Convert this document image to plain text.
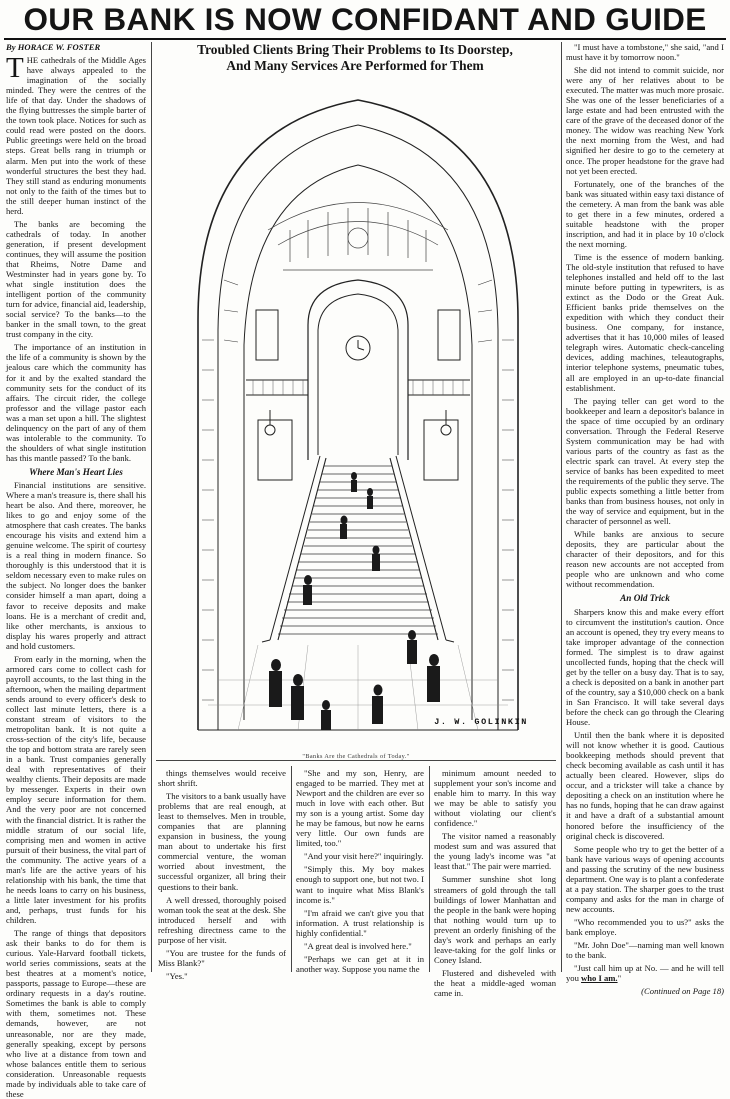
OUR BANK IS NOW CONFIDANT AND GUIDE

By HORACE W. FOSTER

THE cathedrals of the Middle Ages have always appealed to the imagination of the socially minded. They were the centres of the life of that day. Under the shadows of the flying buttresses the simple barter of the town took place. Notices for such as could read were posted on the doors. Public greetings were held on the broad steps. Great bells rang in triumph or alarm. Men put into the work of these wonderful structures the best they had. They still stand as enduring monuments not only to the faith of the times but to the still deeper human instinct of the herd.

The banks are becoming the cathedrals of today. In another generation, if present development continues, they will assume the position that Rheims, Notre Dame and Westminster had in years gone by. To what single institution does the intelligent portion of the community turn for advice, financial aid, leadership, social service? To the banks—to the banker in the small town, to the great trust company in the city.

The importance of an institution in the life of a community is shown by the jealous care which the community has for it and by the exalted standard the community sets for the conduct of its affairs. The circuit rider, the college professor and the village pastor each was a man set upon a hill. The slightest delinquency on the part of any of them was intolerable to the community. To the shoulders of what single institution has this mantle passed? To the bank.

Where Man's Heart Lies

Financial institutions are sensitive. Where a man's treasure is, there shall his heart be also. And there, moreover, he likes to go and enjoy some of the atmosphere that cash creates. The banks encourage his visits and extend him a genuine welcome. The spirit of courtesy is a real thing in modern finance. So thoroughly is this understood that it is seldom necessary even to make rules on the subject. No longer does the banker consider himself a man apart, doing a favor to receive deposits and make loans. He is a merchant of credit and, like other merchants, is anxious to display his wares properly and attract and hold customers.

From early in the morning, when the armored cars come to collect cash for payroll accounts, to the last thing in the afternoon, when the mailing department sends around to every officer's desk to collect last minute letters, there is a constant stream of visitors to the metropolitan bank. It is not quite a cross-section of the city's life, because the top and bottom strata are rarely seen in a bank. Trust companies generally deal with representatives of their wealthy clients. Their deposits are made by messenger. Experts in their own employ secure information for them. And the very poor are not concerned with the financial district. It is rather the middle stratum of our social life, comprising men and women in active pursuit of their business, the vital part of the community. The active years of a man's life are the active years of his relationship with his bank, the time that he needs loans to carry on his business, a little later investment for his profits and, perhaps, trust funds for his children.

The range of things that depositors ask their banks to do for them is curious. Yale-Harvard football tickets, world series commissions, seats at the best theatres at a moment's notice, passports, passage to Europe—these are ordinary requests in a day's routine. Sometimes the bank is able to comply with them, sometimes not. These demands, however, are not unreasonable, nor are they made, generally speaking, except by persons who live at a distance from town and whose balances entitle them to serious consideration. Unreasonable requests made by individuals able to take care of these

Troubled Clients Bring Their Problems to Its Doorstep,
And Many Services Are Performed for Them
J. W. GOLINKIN
"Banks Are the Cathedrals of Today."

things themselves would receive short shrift.

The visitors to a bank usually have problems that are real enough, at least to themselves. Men in trouble, companies that are planning expansion in business, the young man about to undertake his first commercial venture, the woman worried about investment, the successful organizer, all bring their questions to their bank.

A well dressed, thoroughly poised woman took the seat at the desk. She introduced herself and with refreshing directness came to the purpose of her visit.

"You are trustee for the funds of Miss Blank?"

"Yes."

"She and my son, Henry, are engaged to be married. They met at Newport and the children are ever so much in love with each other. But my son is a young artist. Some day he may be famous, but now he earns very little. Our own funds are limited, too."

"And your visit here?" inquiringly.

"Simply this. My boy makes enough to support one, but not two. I want to inquire what Miss Blank's income is."

"I'm afraid we can't give you that information. A trust relationship is highly confidential."

"A great deal is involved here."

"Perhaps we can get at it in another way. Suppose you name the

minimum amount needed to supplement your son's income and enable him to marry. In this way we may be able to satisfy you without violating our client's confidence."

The visitor named a reasonably modest sum and was assured that the young lady's income was "at least that." The pair were married.

Summer sunshine shot long streamers of gold through the tall buildings of lower Manhattan and the people in the bank were hoping that nothing would turn up to prevent an orderly finishing of the day's work and perhaps an early leave-taking for the golf links or Coney Island.

Flustered and disheveled with the heat a middle-aged woman came in.

"I must have a tombstone," she said, "and I must have it by tomorrow noon."

She did not intend to commit suicide, nor were any of her relatives about to be executed. The matter was much more prosaic. She was one of the lesser beneficiaries of a large estate and had been entrusted with the care of the grave of the deceased donor of the money. The widow was reaching New York the next morning from the West, and had signified her desire to go to the cemetery at once. The proper headstone for the grave had not yet been erected.

Fortunately, one of the branches of the bank was situated within easy taxi distance of the cemetery. A man from the bank was able to get there in a few minutes, ordered a suitable headstone with the proper inscription, and had it in place by 10 o'clock the next morning.

Time is the essence of modern banking. The old-style institution that refused to have telephones installed and held off to the last minute before putting in typewriters, is as extinct as the Dodo or the Great Auk. Efficient banks pride themselves on the expedition with which they conduct their business. One company, for instance, advertises that it has 10,000 miles of leased telegraph wires. Automatic check-canceling devices, adding machines, teleautographs, interior telephone systems, pneumatic tubes, all are employed in an up-to-date financial establishment.

The paying teller can get word to the bookkeeper and learn a depositor's balance in the space of time occupied by an ordinary conversation. Through the Federal Reserve System communication may be had with various parts of the country as fast as the electric spark can travel. At every step the service of banks has been expedited to meet the requirements of the public they serve. The public expects something a little better from banks than from business houses, not only in the way of service and equipment, but in the character of personnel as well.

While banks are anxious to secure deposits, they are particular about the character of their depositors, and for this reason new accounts are not accepted from people who are unknown and who come without recommendation.

An Old Trick

Sharpers know this and make every effort to circumvent the institution's caution. Once an account is opened, they try every means to take improper advantage of the connection formed. The simplest is to draw against uncollected funds, hoping that the check will get by the teller on a busy day. That is to say, a check is deposited on a bank in another part of the country, say a $10,000 check on a bank in San Francisco. It will take several days before the check can go through the Clearing House.

Until then the bank where it is deposited will not know whether it is good. Cautious bookkeeping methods should prevent that check becoming available as cash until it has actually been cleared. However, slips do occur, and a trickster will take a chance by depositing a check on an institution where he has no funds, hoping that he can draw against it and have a draft of a substantial amount honored before the insufficiency of the original check is discovered.

Some people who try to get the better of a bank have various ways of opening accounts and passing the scrutiny of the new business department. One way is to plant a confederate at a pay station. The sharper goes to the trust company and asks for the man in charge of new accounts.

"Who recommended you to us?" asks the bank employe.

"Mr. John Doe"—naming man well known to the bank.

"Just call him up at No. — and he will tell you who I am."

(Continued on Page 18)
